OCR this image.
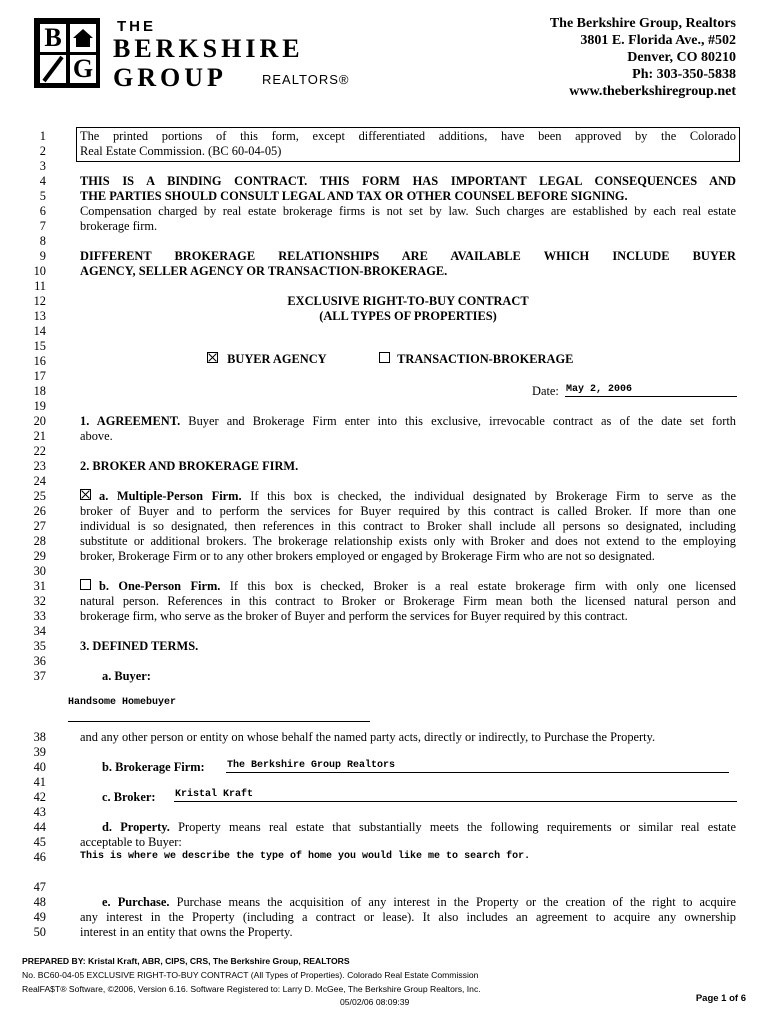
B
G
THE
BERKSHIRE
GROUP	REALTORS®
The Berkshire Group, Realtors
3801 E. Florida Ave., #502
Denver, CO 80210
Ph: 303-350-5838
www.theberkshiregroup.net
1
2
3
4
5
6
7
8
9
10
11
12
13
14
15
16
17
18
19
20
21
22
23
24
25
26
27
28
29
30
31
32
33
34
35
36
37
38
39
40
41
42
43
44
45
46
47
48
49
50
The printed portions of this form, except differentiated additions, have been approved by the Colorado
Real Estate Commission. (BC 60-04-05)
THIS IS A BINDING CONTRACT. THIS FORM HAS IMPORTANT LEGAL CONSEQUENCES AND
THE PARTIES SHOULD CONSULT LEGAL AND TAX OR OTHER COUNSEL BEFORE SIGNING.
Compensation charged by real estate brokerage firms is not set by law. Such charges are established by each real estate
brokerage firm.
DIFFERENT BROKERAGE RELATIONSHIPS ARE AVAILABLE WHICH INCLUDE BUYER
AGENCY, SELLER AGENCY OR TRANSACTION-BROKERAGE.
EXCLUSIVE RIGHT-TO-BUY CONTRACT
(ALL TYPES OF PROPERTIES)
BUYER AGENCY	TRANSACTION-BROKERAGE
Date: May 2, 2006
1. AGREEMENT. Buyer and Brokerage Firm enter into this exclusive, irrevocable contract as of the date set forth
above.
2. BROKER AND BROKERAGE FIRM.
a. Multiple-Person Firm. If this box is checked, the individual designated by Brokerage Firm to serve as the
broker of Buyer and to perform the services for Buyer required by this contract is called Broker. If more than one
individual is so designated, then references in this contract to Broker shall include all persons so designated, including
substitute or additional brokers. The brokerage relationship exists only with Broker and does not extend to the employing
broker, Brokerage Firm or to any other brokers employed or engaged by Brokerage Firm who are not so designated.
b. One-Person Firm. If this box is checked, Broker is a real estate brokerage firm with only one licensed
natural person. References in this contract to Broker or Brokerage Firm mean both the licensed natural person and
brokerage firm, who serve as the broker of Buyer and perform the services for Buyer required by this contract.
3. DEFINED TERMS.
a. Buyer:
Handsome Homebuyer
and any other person or entity on whose behalf the named party acts, directly or indirectly, to Purchase the Property.
b. Brokerage Firm: The Berkshire Group Realtors
c. Broker: Kristal Kraft
d. Property. Property means real estate that substantially meets the following requirements or similar real estate
acceptable to Buyer:
This is where we describe the type of home you would like me to search for.
e. Purchase. Purchase means the acquisition of any interest in the Property or the creation of the right to acquire
any interest in the Property (including a contract or lease). It also includes an agreement to acquire any ownership
interest in an entity that owns the Property.
PREPARED BY: Kristal Kraft, ABR, CIPS, CRS, The Berkshire Group, REALTORS
No. BC60-04-05 EXCLUSIVE RIGHT-TO-BUY CONTRACT (All Types of Properties). Colorado Real Estate Commission
RealFA$T® Software, ©2006, Version 6.16. Software Registered to: Larry D. McGee, The Berkshire Group Realtors, Inc.
05/02/06 08:09:39	Page 1 of 6
